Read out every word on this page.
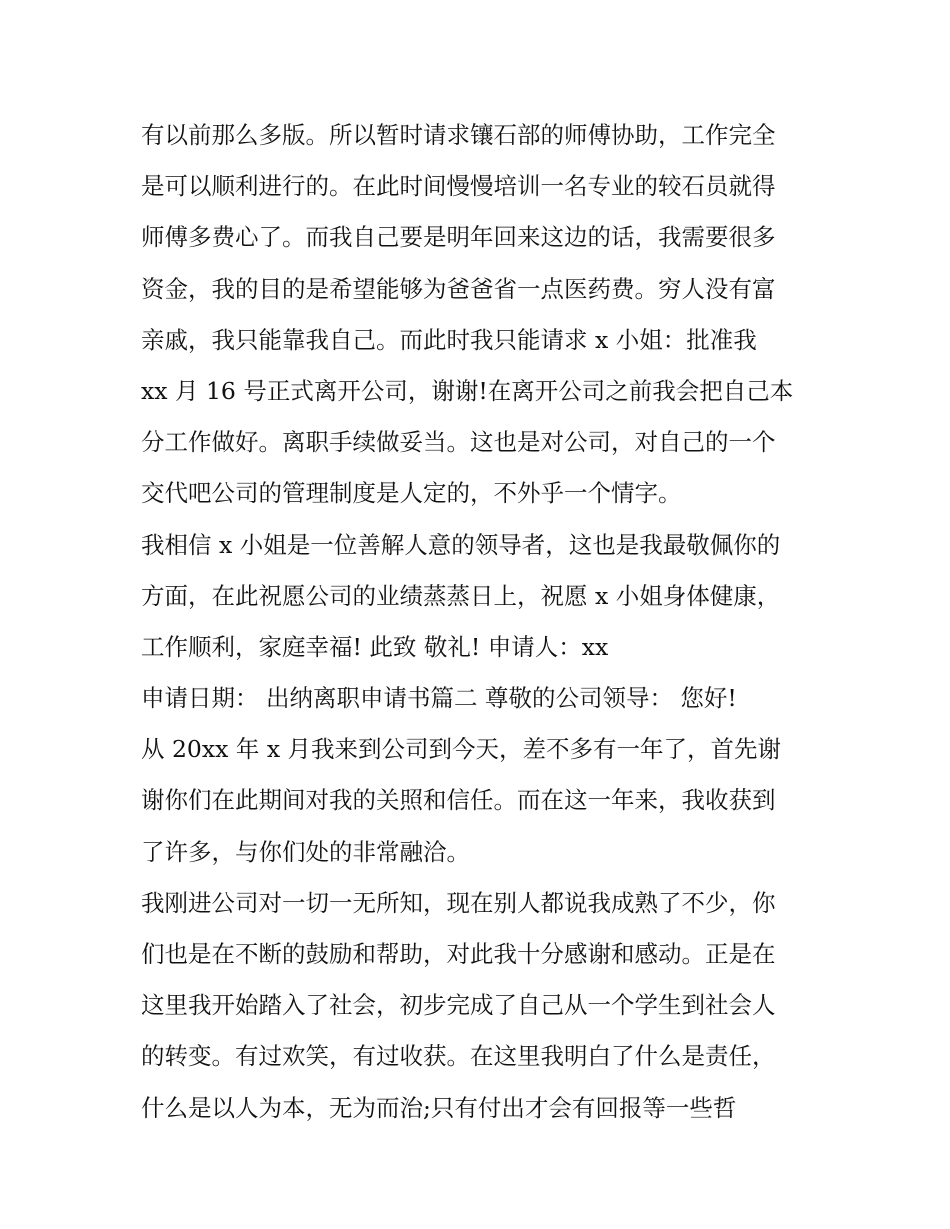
有以前那么多版。所以暂时请求镶石部的师傅协助，工作完全
是可以顺利进行的。在此时间慢慢培训一名专业的较石员就得
师傅多费心了。而我自己要是明年回来这边的话，我需要很多
资金，我的目的是希望能够为爸爸省一点医药费。穷人没有富
亲戚，我只能靠我自己。而此时我只能请求 x 小姐：批准我
xx 月 16 号正式离开公司，谢谢!在离开公司之前我会把自己本
分工作做好。离职手续做妥当。这也是对公司，对自己的一个
交代吧公司的管理制度是人定的，不外乎一个情字。
我相信 x 小姐是一位善解人意的领导者，这也是我最敬佩你的
方面，在此祝愿公司的业绩蒸蒸日上，祝愿 x 小姐身体健康，
工作顺利，家庭幸福! 此致 敬礼! 申请人：xx
申请日期： 出纳离职申请书篇二 尊敬的公司领导： 您好!
从 20xx 年 x 月我来到公司到今天，差不多有一年了，首先谢
谢你们在此期间对我的关照和信任。而在这一年来，我收获到
了许多，与你们处的非常融洽。
我刚进公司对一切一无所知，现在别人都说我成熟了不少，你
们也是在不断的鼓励和帮助，对此我十分感谢和感动。正是在
这里我开始踏入了社会，初步完成了自己从一个学生到社会人
的转变。有过欢笑，有过收获。在这里我明白了什么是责任，
什么是以人为本，无为而治;只有付出才会有回报等一些哲
